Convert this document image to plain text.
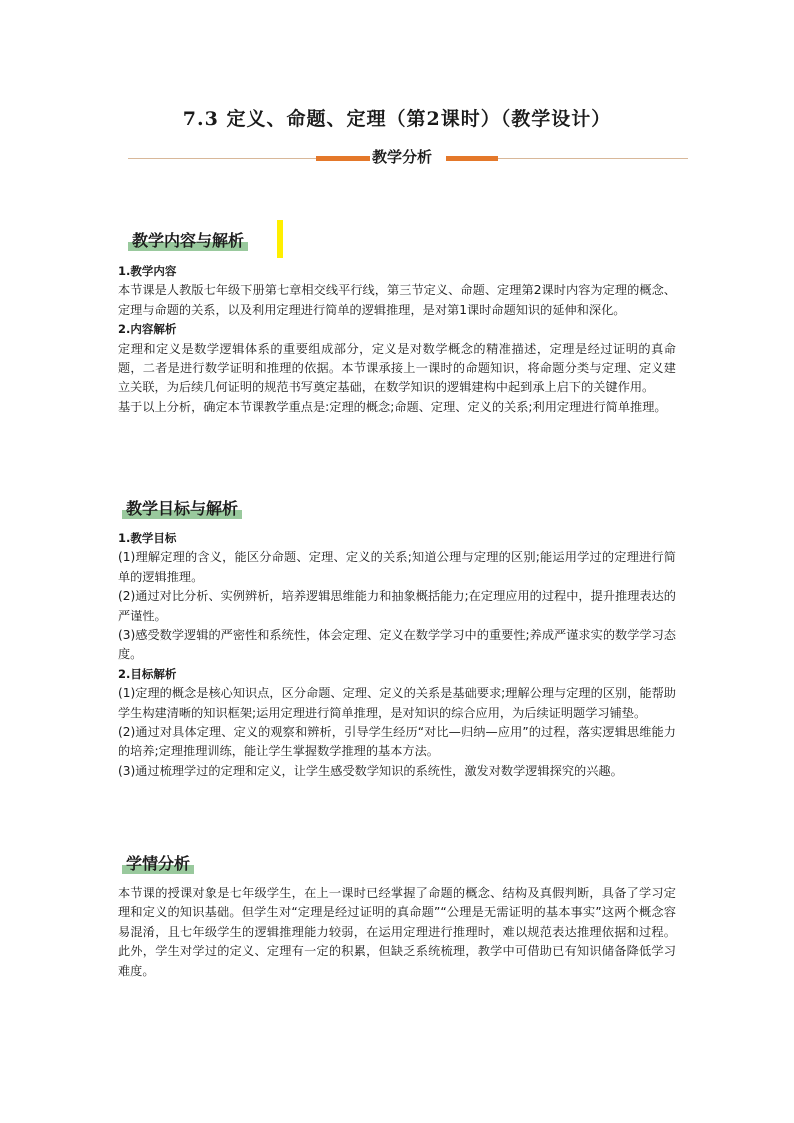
7.3 定义、命题、定理（第2课时）（教学设计）
教学分析
教学内容与解析

1.教学内容

本节课是人教版七年级下册第七章相交线平行线，第三节定义、命题、定理第2课时内容为定理的概念、定理与命题的关系，以及利用定理进行简单的逻辑推理，是对第1课时命题知识的延伸和深化。

2.内容解析

定理和定义是数学逻辑体系的重要组成部分，定义是对数学概念的精准描述，定理是经过证明的真命题，二者是进行数学证明和推理的依据。本节课承接上一课时的命题知识，将命题分类与定理、定义建立关联，为后续几何证明的规范书写奠定基础，在数学知识的逻辑建构中起到承上启下的关键作用。

基于以上分析，确定本节课教学重点是:定理的概念;命题、定理、定义的关系;利用定理进行简单推理。

教学目标与解析

1.教学目标

(1)理解定理的含义，能区分命题、定理、定义的关系;知道公理与定理的区别;能运用学过的定理进行简单的逻辑推理。

(2)通过对比分析、实例辨析，培养逻辑思维能力和抽象概括能力;在定理应用的过程中，提升推理表达的严谨性。

(3)感受数学逻辑的严密性和系统性，体会定理、定义在数学学习中的重要性;养成严谨求实的数学学习态度。

2.目标解析

(1)定理的概念是核心知识点，区分命题、定理、定义的关系是基础要求;理解公理与定理的区别，能帮助学生构建清晰的知识框架;运用定理进行简单推理，是对知识的综合应用，为后续证明题学习铺垫。

(2)通过对具体定理、定义的观察和辨析，引导学生经历“对比—归纳—应用”的过程，落实逻辑思维能力的培养;定理推理训练，能让学生掌握数学推理的基本方法。

(3)通过梳理学过的定理和定义，让学生感受数学知识的系统性，激发对数学逻辑探究的兴趣。

学情分析

本节课的授课对象是七年级学生，在上一课时已经掌握了命题的概念、结构及真假判断，具备了学习定理和定义的知识基础。但学生对“定理是经过证明的真命题”“公理是无需证明的基本事实”这两个概念容易混淆，且七年级学生的逻辑推理能力较弱，在运用定理进行推理时，难以规范表达推理依据和过程。此外，学生对学过的定义、定理有一定的积累，但缺乏系统梳理，教学中可借助已有知识储备降低学习难度。
